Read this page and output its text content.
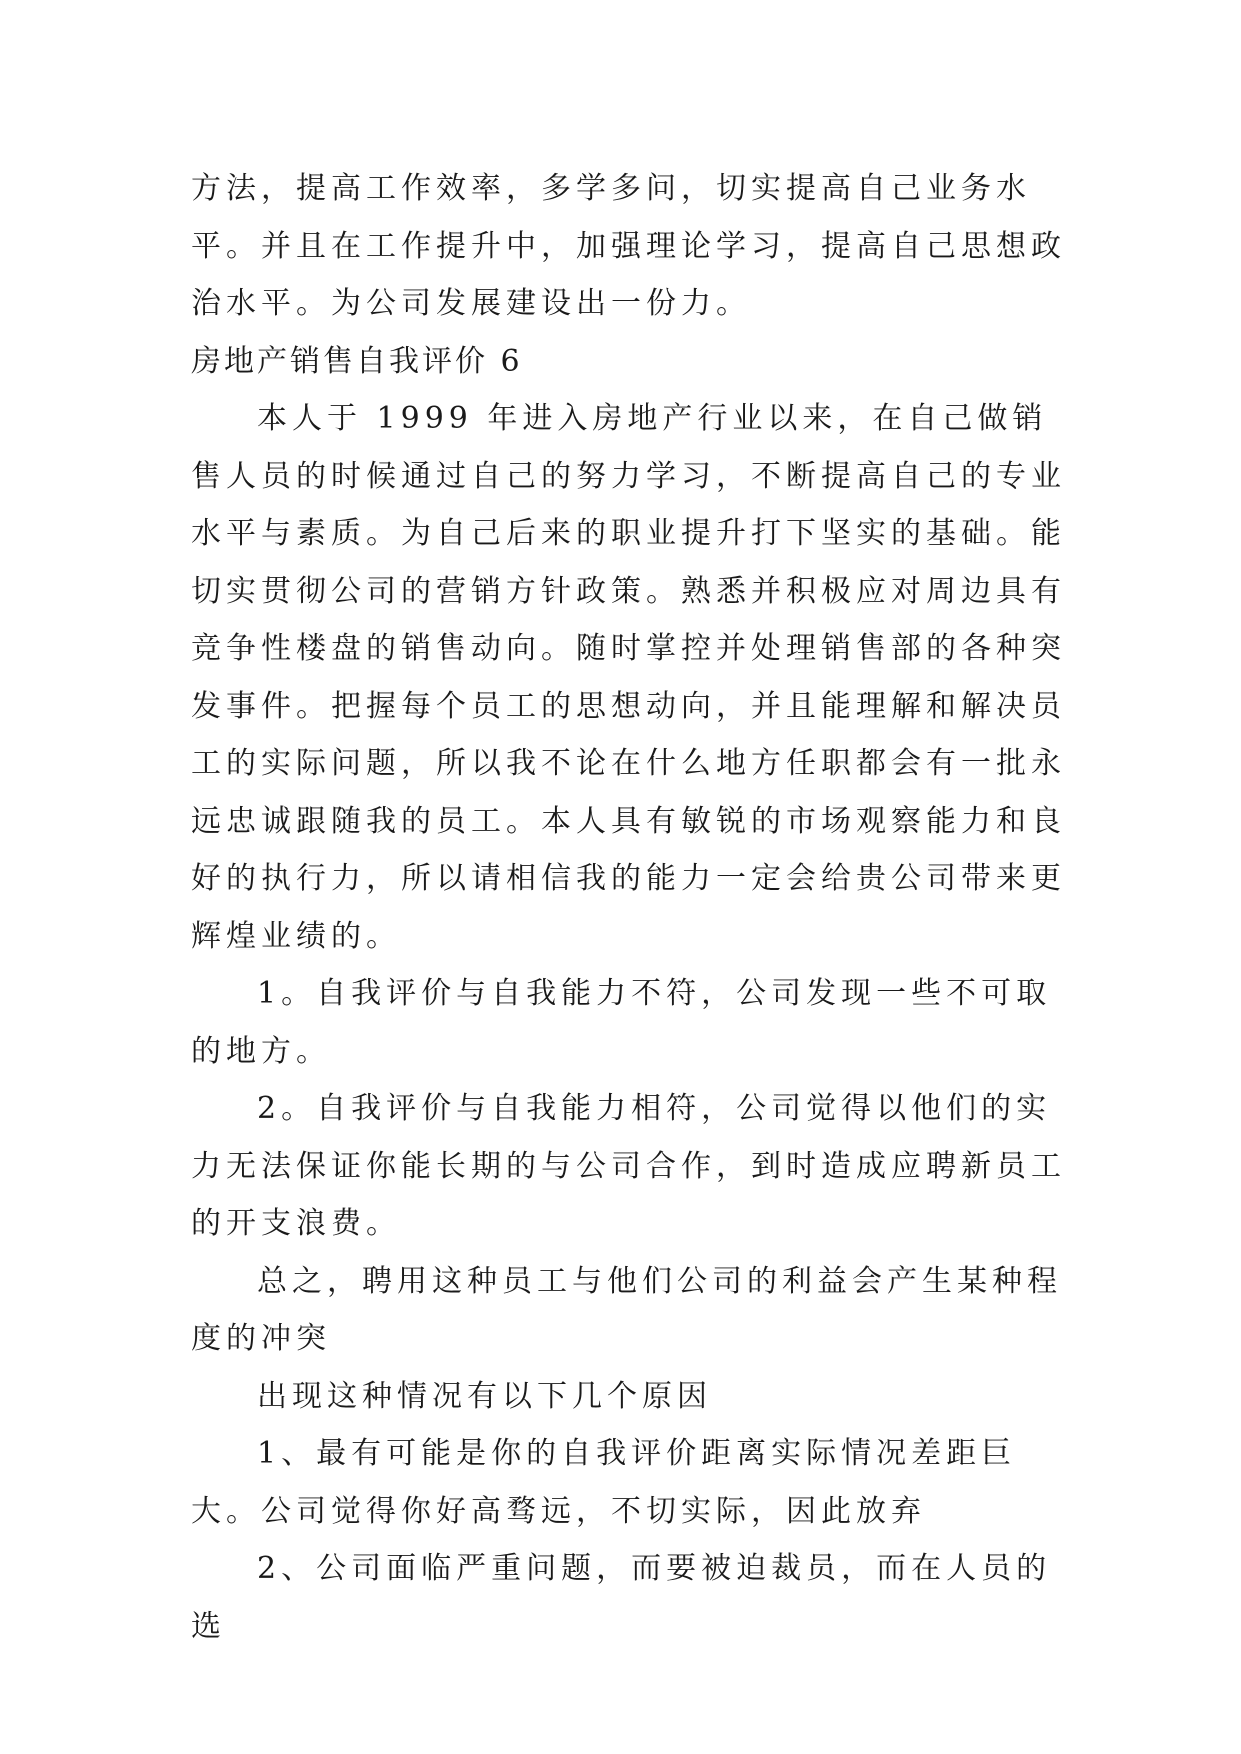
方法，提高工作效率，多学多问，切实提高自己业务水平。并且在工作提升中，加强理论学习，提高自己思想政治水平。为公司发展建设出一份力。

房地产销售自我评价 6

本人于 1999 年进入房地产行业以来，在自己做销售人员的时候通过自己的努力学习，不断提高自己的专业水平与素质。为自己后来的职业提升打下坚实的基础。能切实贯彻公司的营销方针政策。熟悉并积极应对周边具有竞争性楼盘的销售动向。随时掌控并处理销售部的各种突发事件。把握每个员工的思想动向，并且能理解和解决员工的实际问题，所以我不论在什么地方任职都会有一批永远忠诚跟随我的员工。本人具有敏锐的市场观察能力和良好的执行力，所以请相信我的能力一定会给贵公司带来更辉煌业绩的。

1。自我评价与自我能力不符，公司发现一些不可取的地方。

2。自我评价与自我能力相符，公司觉得以他们的实力无法保证你能长期的与公司合作，到时造成应聘新员工的开支浪费。

总之，聘用这种员工与他们公司的利益会产生某种程度的冲突

出现这种情况有以下几个原因

1、最有可能是你的自我评价距离实际情况差距巨大。公司觉得你好高骛远，不切实际，因此放弃

2、公司面临严重问题，而要被迫裁员，而在人员的选
